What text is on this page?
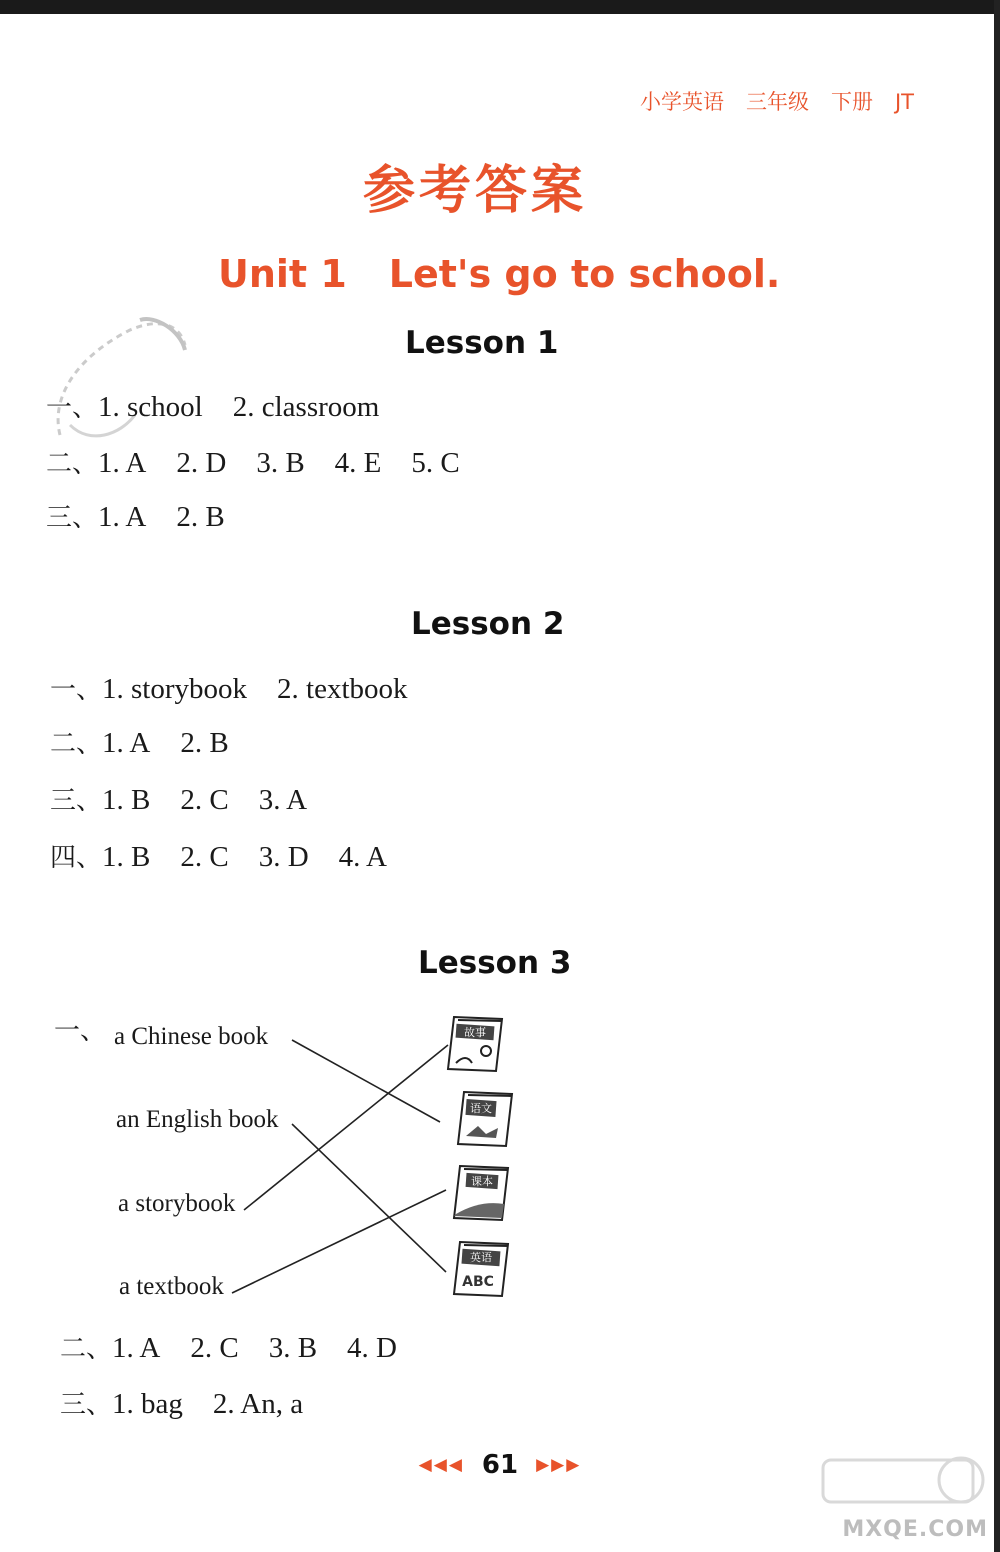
小学英语 三年级 下册 JT
参考答案
Unit 1 Let's go to school.
Lesson 1
一、1. school 2. classroom
二、1. A 2. D 3. B 4. E 5. C
三、1. A 2. B
Lesson 2
一、1. storybook 2. textbook
二、1. A 2. B
三、1. B 2. C 3. A
四、1. B 2. C 3. D 4. A
Lesson 3
一、 a Chinese book
an English book
a storybook
a textbook
故事
语文
课本
英语
ABC
二、1. A 2. C 3. B 4. D
三、1. bag 2. An, a
◀◀◀ 61 ▶▶▶
MXQE.COM
